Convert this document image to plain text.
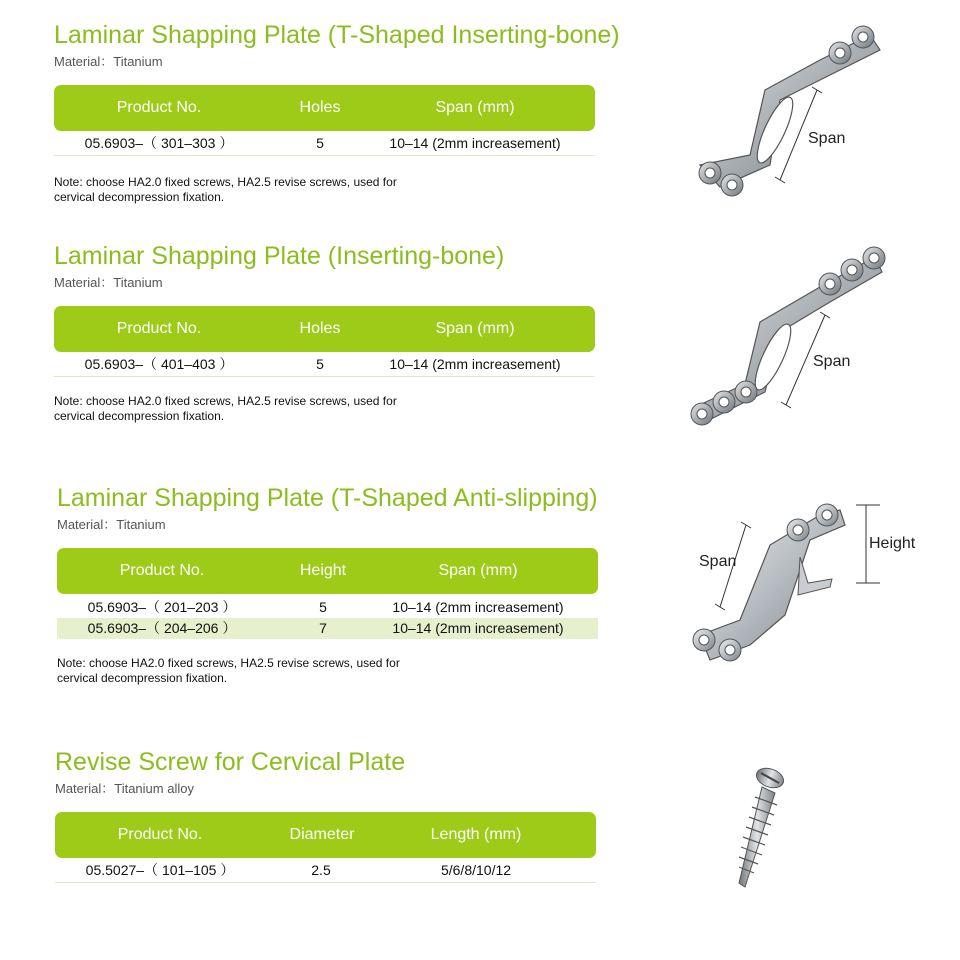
Laminar Shapping Plate (T-Shaped Inserting-bone)
Material：Titanium
Product No.	Holes	Span (mm)
05.6903–（ 301–303 ）	5	10–14 (2mm increasement)
Note: choose HA2.0 fixed screws, HA2.5 revise screws, used for cervical decompression fixation.
Laminar Shapping Plate (Inserting-bone)
Material：Titanium
Product No.	Holes	Span (mm)
05.6903–（ 401–403 ）	5	10–14 (2mm increasement)
Note: choose HA2.0 fixed screws, HA2.5 revise screws, used for cervical decompression fixation.
Laminar Shapping Plate (T-Shaped Anti-slipping)
Material：Titanium
Product No.	Height	Span (mm)
05.6903–（ 201–203 ）	5	10–14 (2mm increasement)
05.6903–（ 204–206 ）	7	10–14 (2mm increasement)
Note: choose HA2.0 fixed screws, HA2.5 revise screws, used for cervical decompression fixation.
Revise Screw for Cervical Plate
Material：Titanium alloy
Product No.	Diameter	Length (mm)
05.5027–（ 101–105 ）	2.5	5/6/8/10/12
Span
Span
Span
Height
